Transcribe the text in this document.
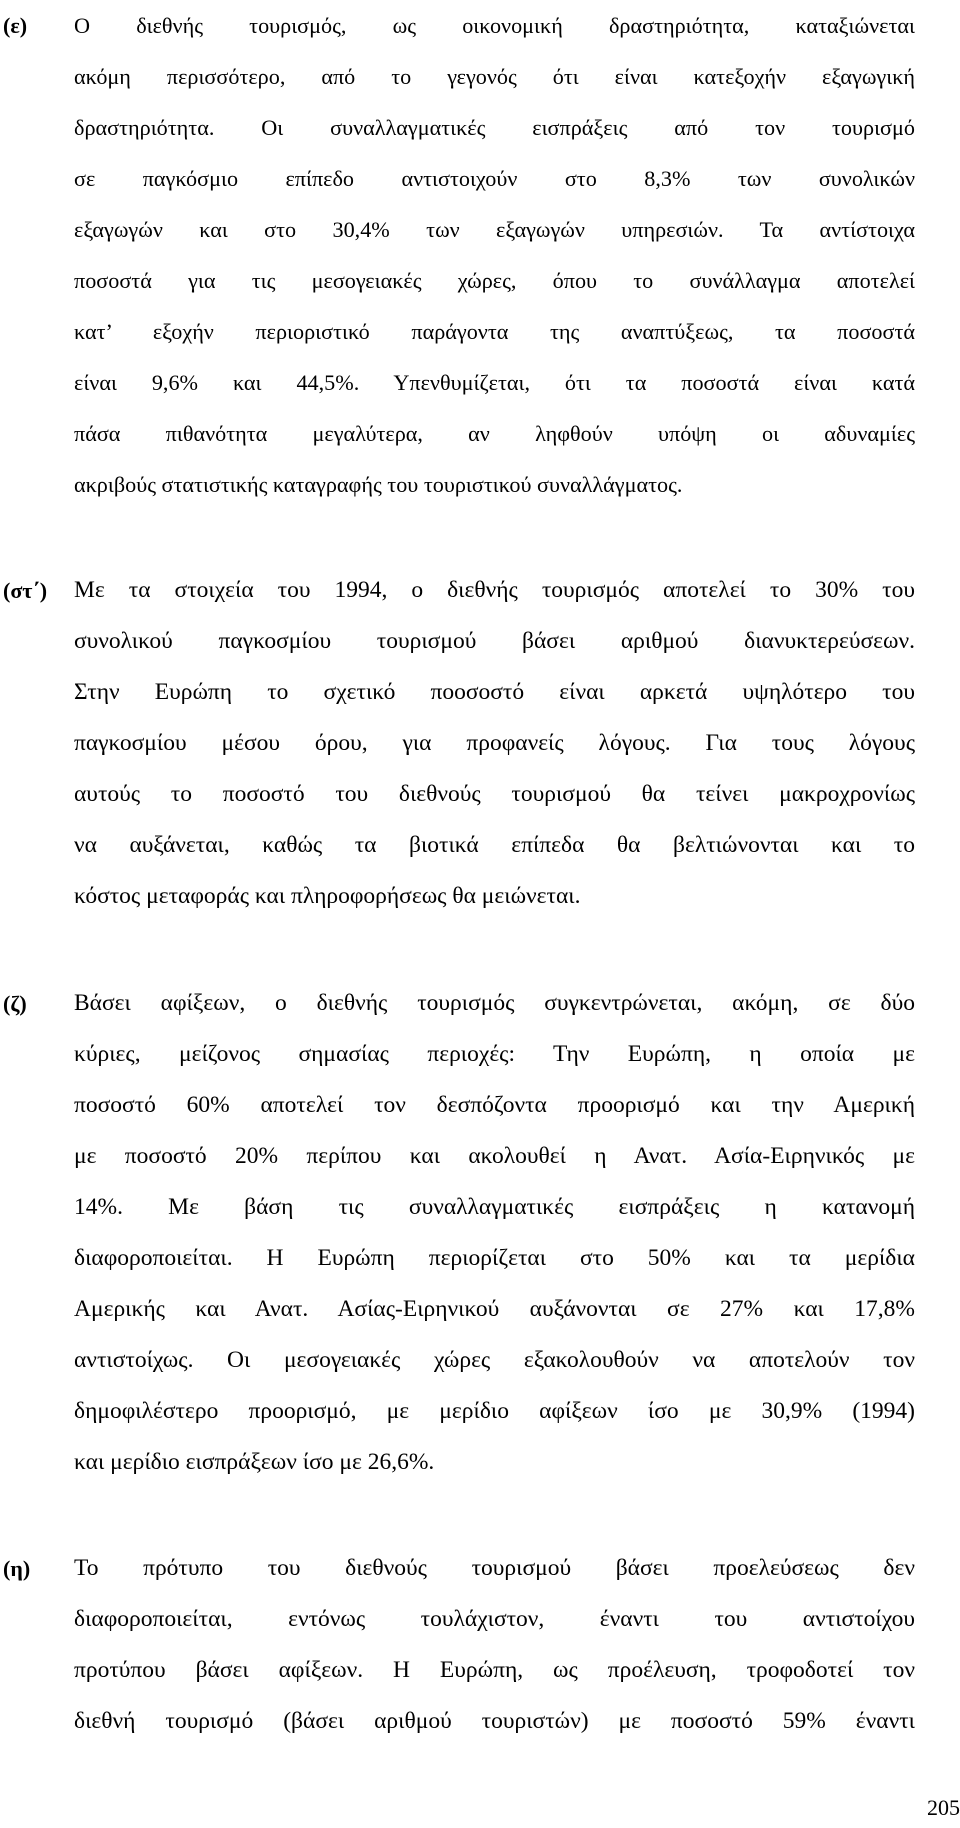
(ε) Ο διεθνής τουρισμός, ως οικονομική δραστηριότητα, καταξιώνεται
ακόμη περισσότερο, από το γεγονός ότι είναι κατεξοχήν εξαγωγική
δραστηριότητα. Οι συναλλαγματικές εισπράξεις από τον τουρισμό
σε παγκόσμιο επίπεδο αντιστοιχούν στο 8,3% των συνολικών
εξαγωγών και στο 30,4% των εξαγωγών υπηρεσιών. Τα αντίστοιχα
ποσοστά για τις μεσογειακές χώρες, όπου το συνάλλαγμα αποτελεί
κατ’ εξοχήν περιοριστικό παράγοντα της αναπτύξεως, τα ποσοστά
είναι 9,6% και 44,5%. Υπενθυμίζεται, ότι τα ποσοστά είναι κατά
πάσα πιθανότητα μεγαλύτερα, αν ληφθούν υπόψη οι αδυναμίες
ακριβούς στατιστικής καταγραφής του τουριστικού συναλλάγματος.
(στ΄) Με τα στοιχεία του 1994, ο διεθνής τουρισμός αποτελεί το 30% του
συνολικού παγκοσμίου τουρισμού βάσει αριθμού διανυκτερεύσεων.
Στην Ευρώπη το σχετικό ποοσοστό είναι αρκετά υψηλότερο του
παγκοσμίου μέσου όρου, για προφανείς λόγους. Για τους λόγους
αυτούς το ποσοστό του διεθνούς τουρισμού θα τείνει μακροχρονίως
να αυξάνεται, καθώς τα βιοτικά επίπεδα θα βελτιώνονται και το
κόστος μεταφοράς και πληροφορήσεως θα μειώνεται.
(ζ) Βάσει αφίξεων, ο διεθνής τουρισμός συγκεντρώνεται, ακόμη, σε δύο
κύριες, μείζονος σημασίας περιοχές: Την Ευρώπη, η οποία με
ποσοστό 60% αποτελεί τον δεσπόζοντα προορισμό και την Αμερική
με ποσοστό 20% περίπου και ακολουθεί η Ανατ. Ασία-Ειρηνικός με
14%. Με βάση τις συναλλαγματικές εισπράξεις η κατανομή
διαφοροποιείται. Η Ευρώπη περιορίζεται στο 50% και τα μερίδια
Αμερικής και Ανατ. Ασίας-Ειρηνικού αυξάνονται σε 27% και 17,8%
αντιστοίχως. Οι μεσογειακές χώρες εξακολουθούν να αποτελούν τον
δημοφιλέστερο προορισμό, με μερίδιο αφίξεων ίσο με 30,9% (1994)
και μερίδιο εισπράξεων ίσο με 26,6%.
(η) Το πρότυπο του διεθνούς τουρισμού βάσει προελεύσεως δεν
διαφοροποιείται, εντόνως τουλάχιστον, έναντι του αντιστοίχου
προτύπου βάσει αφίξεων. Η Ευρώπη, ως προέλευση, τροφοδοτεί τον
διεθνή τουρισμό (βάσει αριθμού τουριστών) με ποσοστό 59% έναντι
205
